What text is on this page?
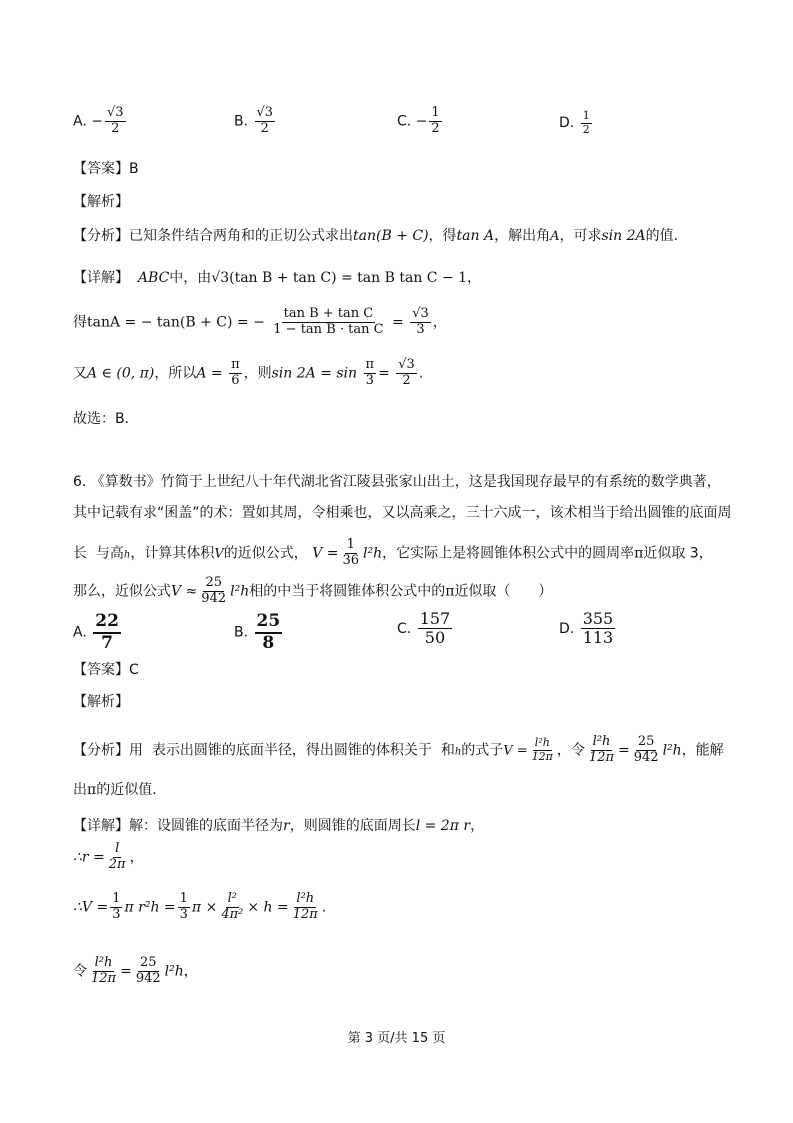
A. − $\frac{√3}{2}$	B. $\frac{√3}{2}$	C. − $\frac{1}{2}$	D. $\frac{1}{2}$
【答案】B
【解析】
【分析】已知条件结合两角和的正切公式求出tan(B + C)，得tan A，解出角A，可求sin 2A的值.
【详解】 ABC中，由√3(tan B + tan C) = tan B tan C − 1，
得tanA = − tan(B + C) = − $\frac{\text{tan B + tan C}}{\text{1 − tan B · tan C}} = \frac{√3}{3}$ ，
又A ∈ (0, π)，所以$A = \frac{\pi}{6}$ ，则$\sin 2A = \sin \frac{\pi}{3} = \frac{√3}{2}$ .
故选：B．
6. 《算数书》竹简于上世纪八十年代湖北省江陵县张家山出土，这是我国现存最早的有系统的数学典著，
其中记载有求“囷盖”的术：置如其周，令相乘也，又以高乘之，三十六成一，该术相当于给出圆锥的底面周
长 与高h，计算其体积V的近似公式， $V = \frac{1}{36} l^2h$，它实际上是将圆锥体积公式中的圆周率π近似取 3，
那么，近似公式$V \approx \frac{25}{942} l^2h$相的中当于将圆锥体积公式中的π近似取（　　）
A. $\frac{22}{7}$	B. $\frac{25}{8}$	C. $\frac{157}{50}$	D. $\frac{355}{113}$
【答案】C
【解析】
【分析】用 表示出圆锥的底面半径，得出圆锥的体积关于 和h的式子$V = \frac{\text{l²h}}{12\pi}$ ，令 $\frac{\text{l²h}}{12\pi} = \frac{25}{942} l^2h$，能解
出π的近似值．
【详解】解：设圆锥的底面半径为r，则圆锥的底面周长l = 2π r，
∴r = $\frac{l}{2\pi}$ ，
∴V = $\frac{1}{3}$ π $r^2h = \frac{1}{3}$ $\pi \times \frac{\text{l²}}{\text{4π²}} \times h = \frac{\text{l²h}}{12\pi}$ .
令 $\frac{\text{l²h}}{12\pi} = \frac{25}{942} l^2h$，
第 3 页/共 15 页
